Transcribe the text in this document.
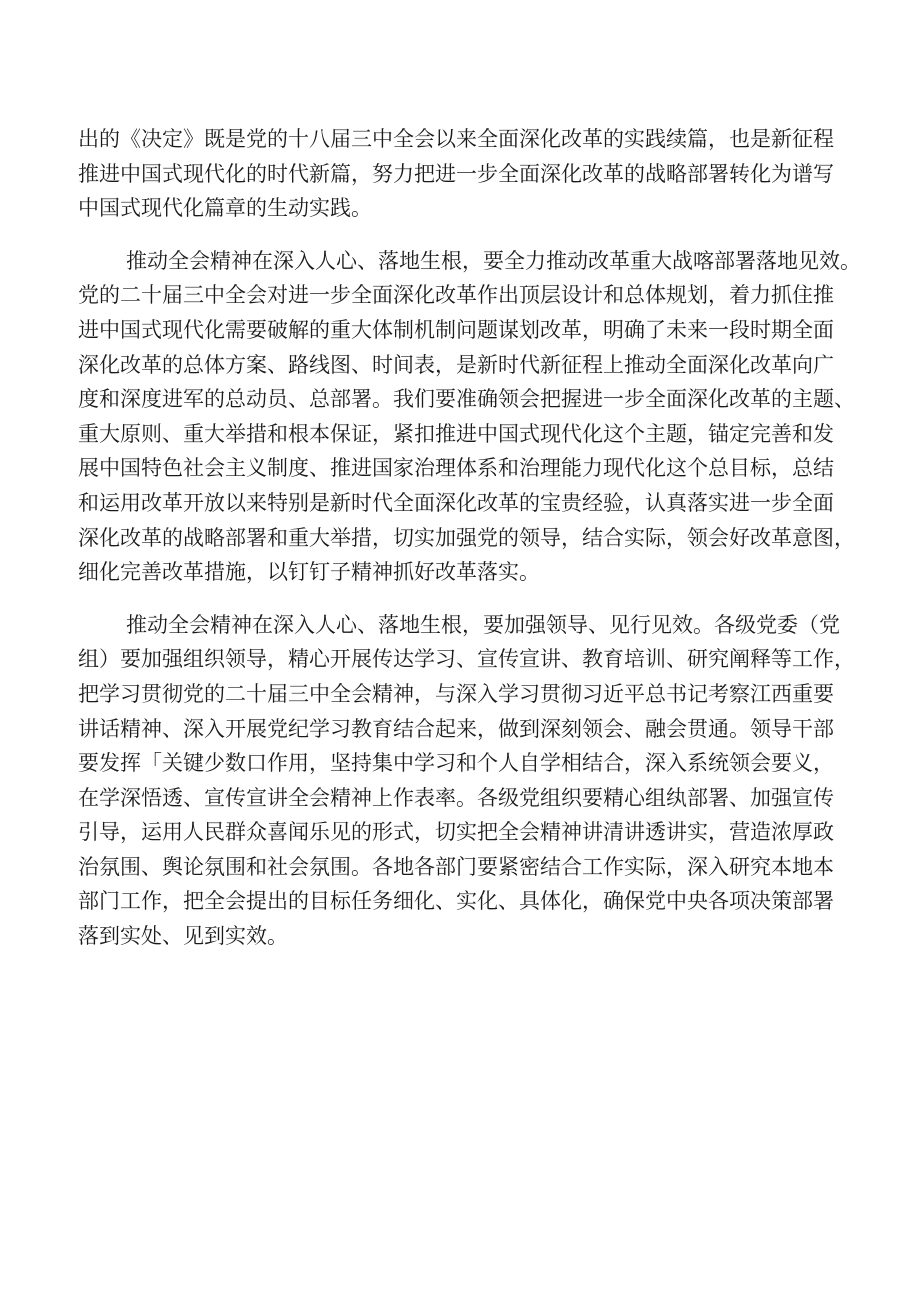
出的《决定》既是党的十八届三中全会以来全面深化改革的实践续篇，也是新征程
推进中国式现代化的时代新篇，努力把进一步全面深化改革的战略部署转化为谱写
中国式现代化篇章的生动实践。
推动全会精神在深入人心、落地生根，要全力推动改革重大战喀部署落地见效。
党的二十届三中全会对进一步全面深化改革作出顶层设计和总体规划，着力抓住推
进中国式现代化需要破解的重大体制机制问题谋划改革，明确了未来一段时期全面
深化改革的总体方案、路线图、时间表，是新时代新征程上推动全面深化改革向广
度和深度进军的总动员、总部署。我们要准确领会把握进一步全面深化改革的主题、
重大原则、重大举措和根本保证，紧扣推进中国式现代化这个主题，锚定完善和发
展中国特色社会主义制度、推进国家治理体系和治理能力现代化这个总目标，总结
和运用改革开放以来特别是新时代全面深化改革的宝贵经验，认真落实进一步全面
深化改革的战略部署和重大举措，切实加强党的领导，结合实际，领会好改革意图，
细化完善改革措施，以钉钉子精神抓好改革落实。
推动全会精神在深入人心、落地生根，要加强领导、见行见效。各级党委（党
组）要加强组织领导，精心开展传达学习、宣传宣讲、教育培训、研究阐释等工作，
把学习贯彻党的二十届三中全会精神，与深入学习贯彻习近平总书记考察江西重要
讲话精神、深入开展党纪学习教育结合起来，做到深刻领会、融会贯通。领导干部
要发挥「关键少数口作用，坚持集中学习和个人自学相结合，深入系统领会要义，
在学深悟透、宣传宣讲全会精神上作表率。各级党组织要精心组纨部署、加强宣传
引导，运用人民群众喜闻乐见的形式，切实把全会精神讲清讲透讲实，营造浓厚政
治氛围、舆论氛围和社会氛围。各地各部门要紧密结合工作实际，深入研究本地本
部门工作，把全会提出的目标任务细化、实化、具体化，确保党中央各项决策部署
落到实处、见到实效。
